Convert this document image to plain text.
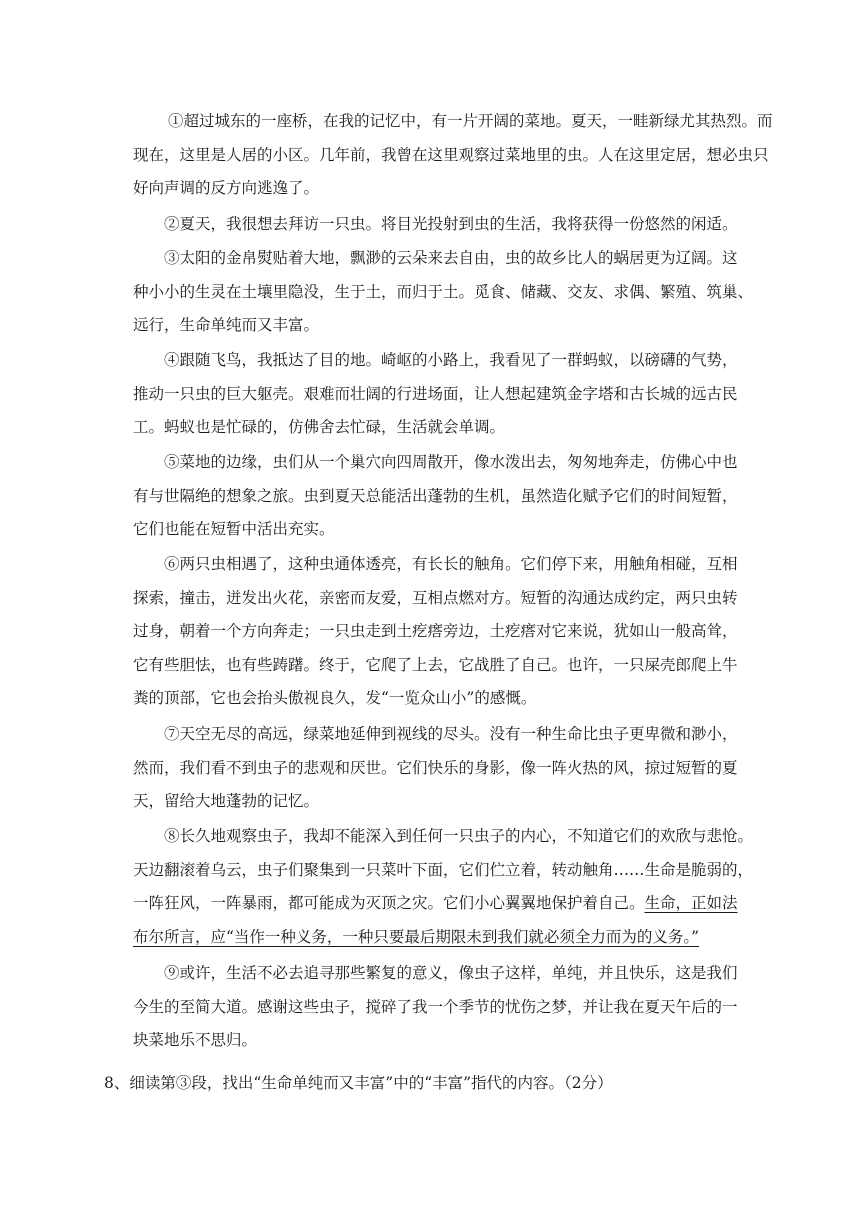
①超过城东的一座桥，在我的记忆中，有一片开阔的菜地。夏天，一畦新绿尤其热烈。而
现在，这里是人居的小区。几年前，我曾在这里观察过菜地里的虫。人在这里定居，想必虫只
好向声调的反方向逃逸了。

②夏天，我很想去拜访一只虫。将目光投射到虫的生活，我将获得一份悠然的闲适。

③太阳的金帛熨贴着大地，飘渺的云朵来去自由，虫的故乡比人的蜗居更为辽阔。这
种小小的生灵在土壤里隐没，生于土，而归于土。觅食、储藏、交友、求偶、繁殖、筑巢、
远行，生命单纯而又丰富。

④跟随飞鸟，我抵达了目的地。崎岖的小路上，我看见了一群蚂蚁，以磅礴的气势，
推动一只虫的巨大躯壳。艰难而壮阔的行进场面，让人想起建筑金字塔和古长城的远古民
工。蚂蚁也是忙碌的，仿佛舍去忙碌，生活就会单调。

⑤菜地的边缘，虫们从一个巢穴向四周散开，像水泼出去，匆匆地奔走，仿佛心中也
有与世隔绝的想象之旅。虫到夏天总能活出蓬勃的生机，虽然造化赋予它们的时间短暂，
它们也能在短暂中活出充实。

⑥两只虫相遇了，这种虫通体透亮，有长长的触角。它们停下来，用触角相碰，互相
探索，撞击，迸发出火花，亲密而友爱，互相点燃对方。短暂的沟通达成约定，两只虫转
过身，朝着一个方向奔走；一只虫走到土疙瘩旁边，土疙瘩对它来说，犹如山一般高耸，
它有些胆怯，也有些踌躇。终于，它爬了上去，它战胜了自己。也许，一只屎壳郎爬上牛
粪的顶部，它也会抬头傲视良久，发“一览众山小”的感慨。

⑦天空无尽的高远，绿菜地延伸到视线的尽头。没有一种生命比虫子更卑微和渺小，
然而，我们看不到虫子的悲观和厌世。它们快乐的身影，像一阵火热的风，掠过短暂的夏
天，留给大地蓬勃的记忆。

⑧长久地观察虫子，我却不能深入到任何一只虫子的内心，不知道它们的欢欣与悲怆。
天边翻滚着乌云，虫子们聚集到一只菜叶下面，它们伫立着，转动触角……生命是脆弱的，
一阵狂风，一阵暴雨，都可能成为灭顶之灾。它们小心翼翼地保护着自己。生命，正如法
布尔所言，应“当作一种义务，一种只要最后期限未到我们就必须全力而为的义务。”

⑨或许，生活不必去追寻那些繁复的意义，像虫子这样，单纯，并且快乐，这是我们
今生的至简大道。感谢这些虫子，搅碎了我一个季节的忧伤之梦，并让我在夏天午后的一
块菜地乐不思归。

8、细读第③段，找出“生命单纯而又丰富”中的“丰富”指代的内容。（2分）
